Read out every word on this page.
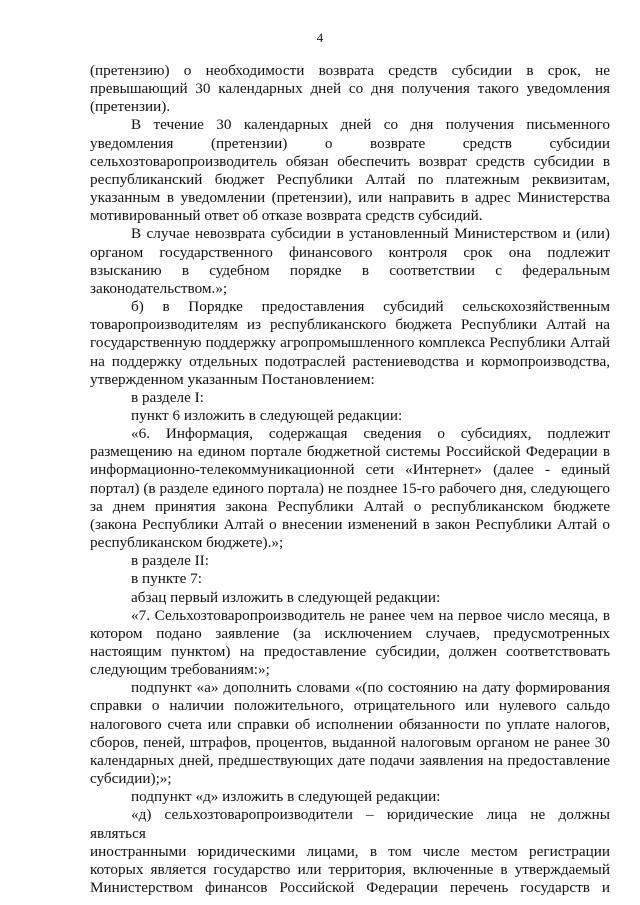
4
(претензию) о необходимости возврата средств субсидии в срок, не
превышающий 30 календарных дней со дня получения такого уведомления
(претензии).
В течение 30 календарных дней со дня получения письменного
уведомления (претензии) о возврате средств субсидии
сельхозтоваропроизводитель обязан обеспечить возврат средств субсидии в
республиканский бюджет Республики Алтай по платежным реквизитам,
указанным в уведомлении (претензии), или направить в адрес Министерства
мотивированный ответ об отказе возврата средств субсидий.
В случае невозврата субсидии в установленный Министерством и (или)
органом государственного финансового контроля срок она подлежит
взысканию в судебном порядке в соответствии с федеральным
законодательством.»;
б) в Порядке предоставления субсидий сельскохозяйственным
товаропроизводителям из республиканского бюджета Республики Алтай на
государственную поддержку агропромышленного комплекса Республики Алтай
на поддержку отдельных подотраслей растениеводства и кормопроизводства,
утвержденном указанным Постановлением:
в разделе I:
пункт 6 изложить в следующей редакции:
«6. Информация, содержащая сведения о субсидиях, подлежит
размещению на едином портале бюджетной системы Российской Федерации в
информационно-телекоммуникационной сети «Интернет» (далее - единый
портал) (в разделе единого портала) не позднее 15-го рабочего дня, следующего
за днем принятия закона Республики Алтай о республиканском бюджете
(закона Республики Алтай о внесении изменений в закон Республики Алтай о
республиканском бюджете).»;
в разделе II:
в пункте 7:
абзац первый изложить в следующей редакции:
«7. Сельхозтоваропроизводитель не ранее чем на первое число месяца, в
котором подано заявление (за исключением случаев, предусмотренных
настоящим пунктом) на предоставление субсидии, должен соответствовать
следующим требованиям:»;
подпункт «а» дополнить словами «(по состоянию на дату формирования
справки о наличии положительного, отрицательного или нулевого сальдо
налогового счета или справки об исполнении обязанности по уплате налогов,
сборов, пеней, штрафов, процентов, выданной налоговым органом не ранее 30
календарных дней, предшествующих дате подачи заявления на предоставление
субсидии);»;
подпункт «д» изложить в следующей редакции:
«д) сельхозтоваропроизводители – юридические лица не должны являться
иностранными юридическими лицами, в том числе местом регистрации
которых является государство или территория, включенные в утверждаемый
Министерством финансов Российской Федерации перечень государств и
